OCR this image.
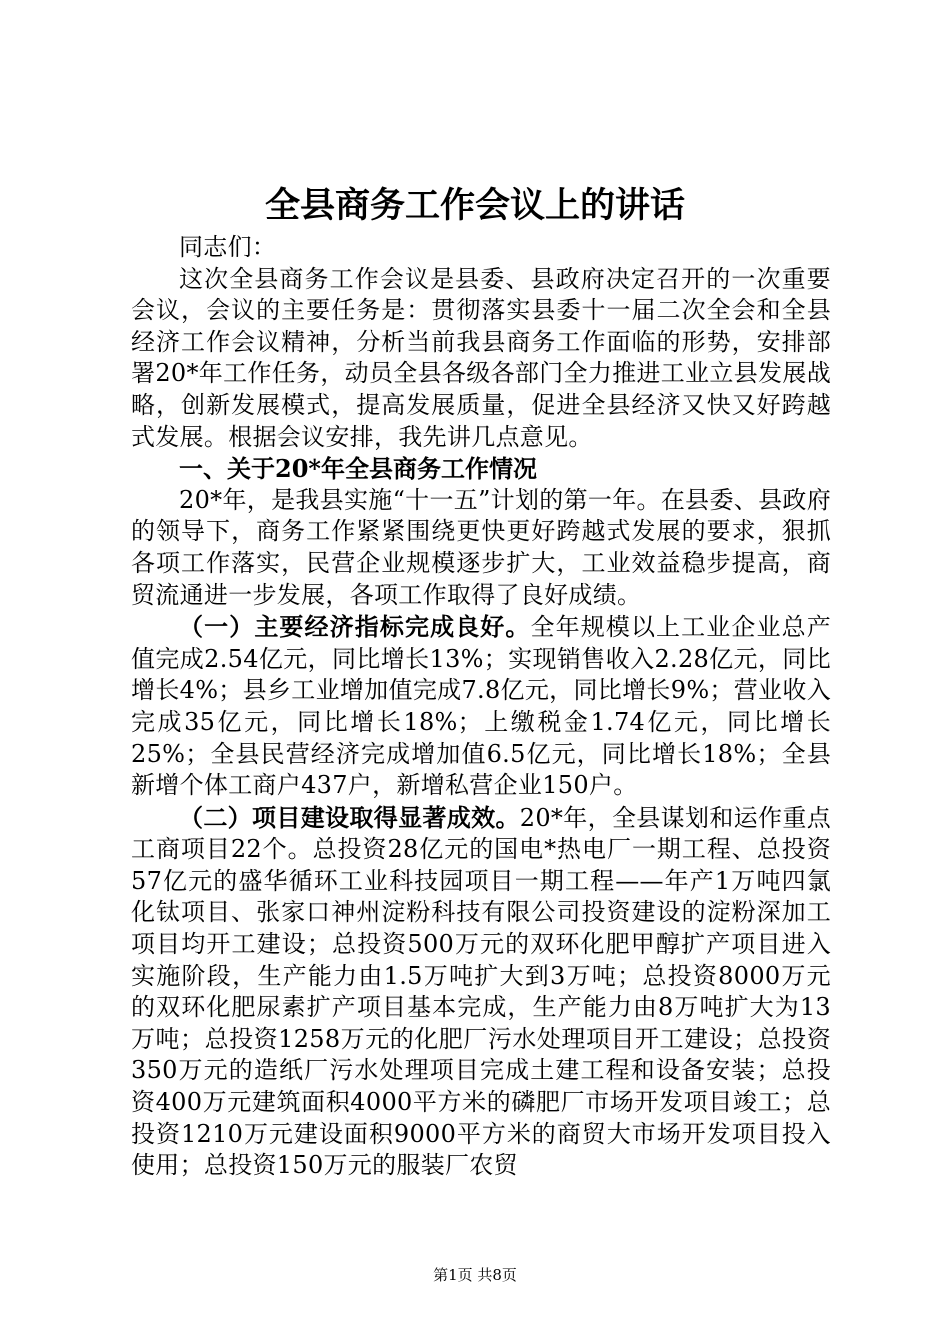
全县商务工作会议上的讲话

同志们：

这次全县商务工作会议是县委、县政府决定召开的一次重要会议，会议的主要任务是：贯彻落实县委十一届二次全会和全县经济工作会议精神，分析当前我县商务工作面临的形势，安排部署20*年工作任务，动员全县各级各部门全力推进工业立县发展战略，创新发展模式，提高发展质量，促进全县经济又快又好跨越式发展。根据会议安排，我先讲几点意见。

一、关于20*年全县商务工作情况

20*年，是我县实施“十一五”计划的第一年。在县委、县政府的领导下，商务工作紧紧围绕更快更好跨越式发展的要求，狠抓各项工作落实，民营企业规模逐步扩大，工业效益稳步提高，商贸流通进一步发展，各项工作取得了良好成绩。

（一）主要经济指标完成良好。全年规模以上工业企业总产值完成2.54亿元，同比增长13%；实现销售收入2.28亿元，同比增长4%；县乡工业增加值完成7.8亿元，同比增长9%；营业收入完成35亿元，同比增长18%；上缴税金1.74亿元，同比增长25%；全县民营经济完成增加值6.5亿元，同比增长18%；全县新增个体工商户437户，新增私营企业150户。

（二）项目建设取得显著成效。20*年，全县谋划和运作重点工商项目22个。总投资28亿元的国电*热电厂一期工程、总投资57亿元的盛华循环工业科技园项目一期工程——年产1万吨四氯化钛项目、张家口神州淀粉科技有限公司投资建设的淀粉深加工项目均开工建设；总投资500万元的双环化肥甲醇扩产项目进入实施阶段，生产能力由1.5万吨扩大到3万吨；总投资8000万元的双环化肥尿素扩产项目基本完成，生产能力由8万吨扩大为13万吨；总投资1258万元的化肥厂污水处理项目开工建设；总投资350万元的造纸厂污水处理项目完成土建工程和设备安装；总投资400万元建筑面积4000平方米的磷肥厂市场开发项目竣工；总投资1210万元建设面积9000平方米的商贸大市场开发项目投入使用；总投资150万元的服装厂农贸

第1页 共8页
